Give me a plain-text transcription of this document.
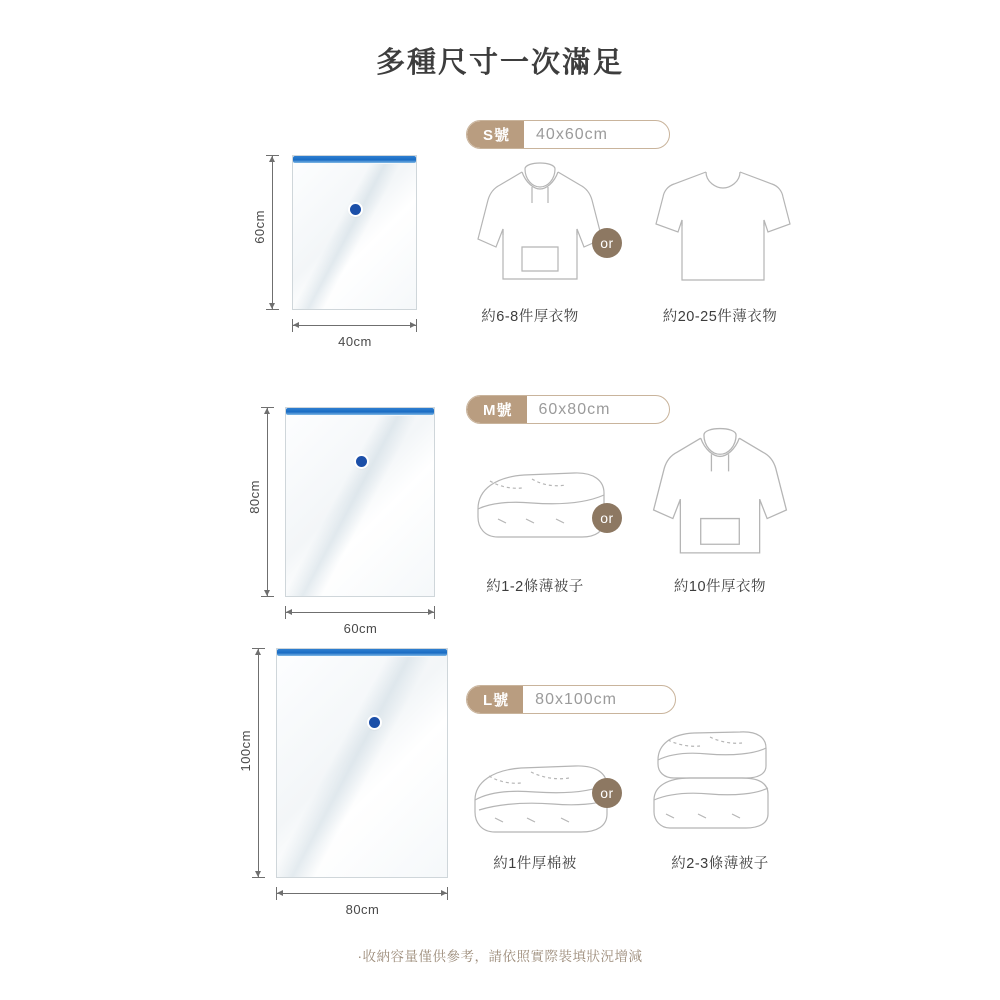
多種尺寸一次滿足
60cm
40cm
S號	40x60cm
約6-8件厚衣物
or
約20-25件薄衣物
80cm
60cm
M號	60x80cm
約1-2條薄被子
or
約10件厚衣物
100cm
80cm
L號	80x100cm
約1件厚棉被
or
約2-3條薄被子
·收納容量僅供參考，請依照實際裝填狀況增減
